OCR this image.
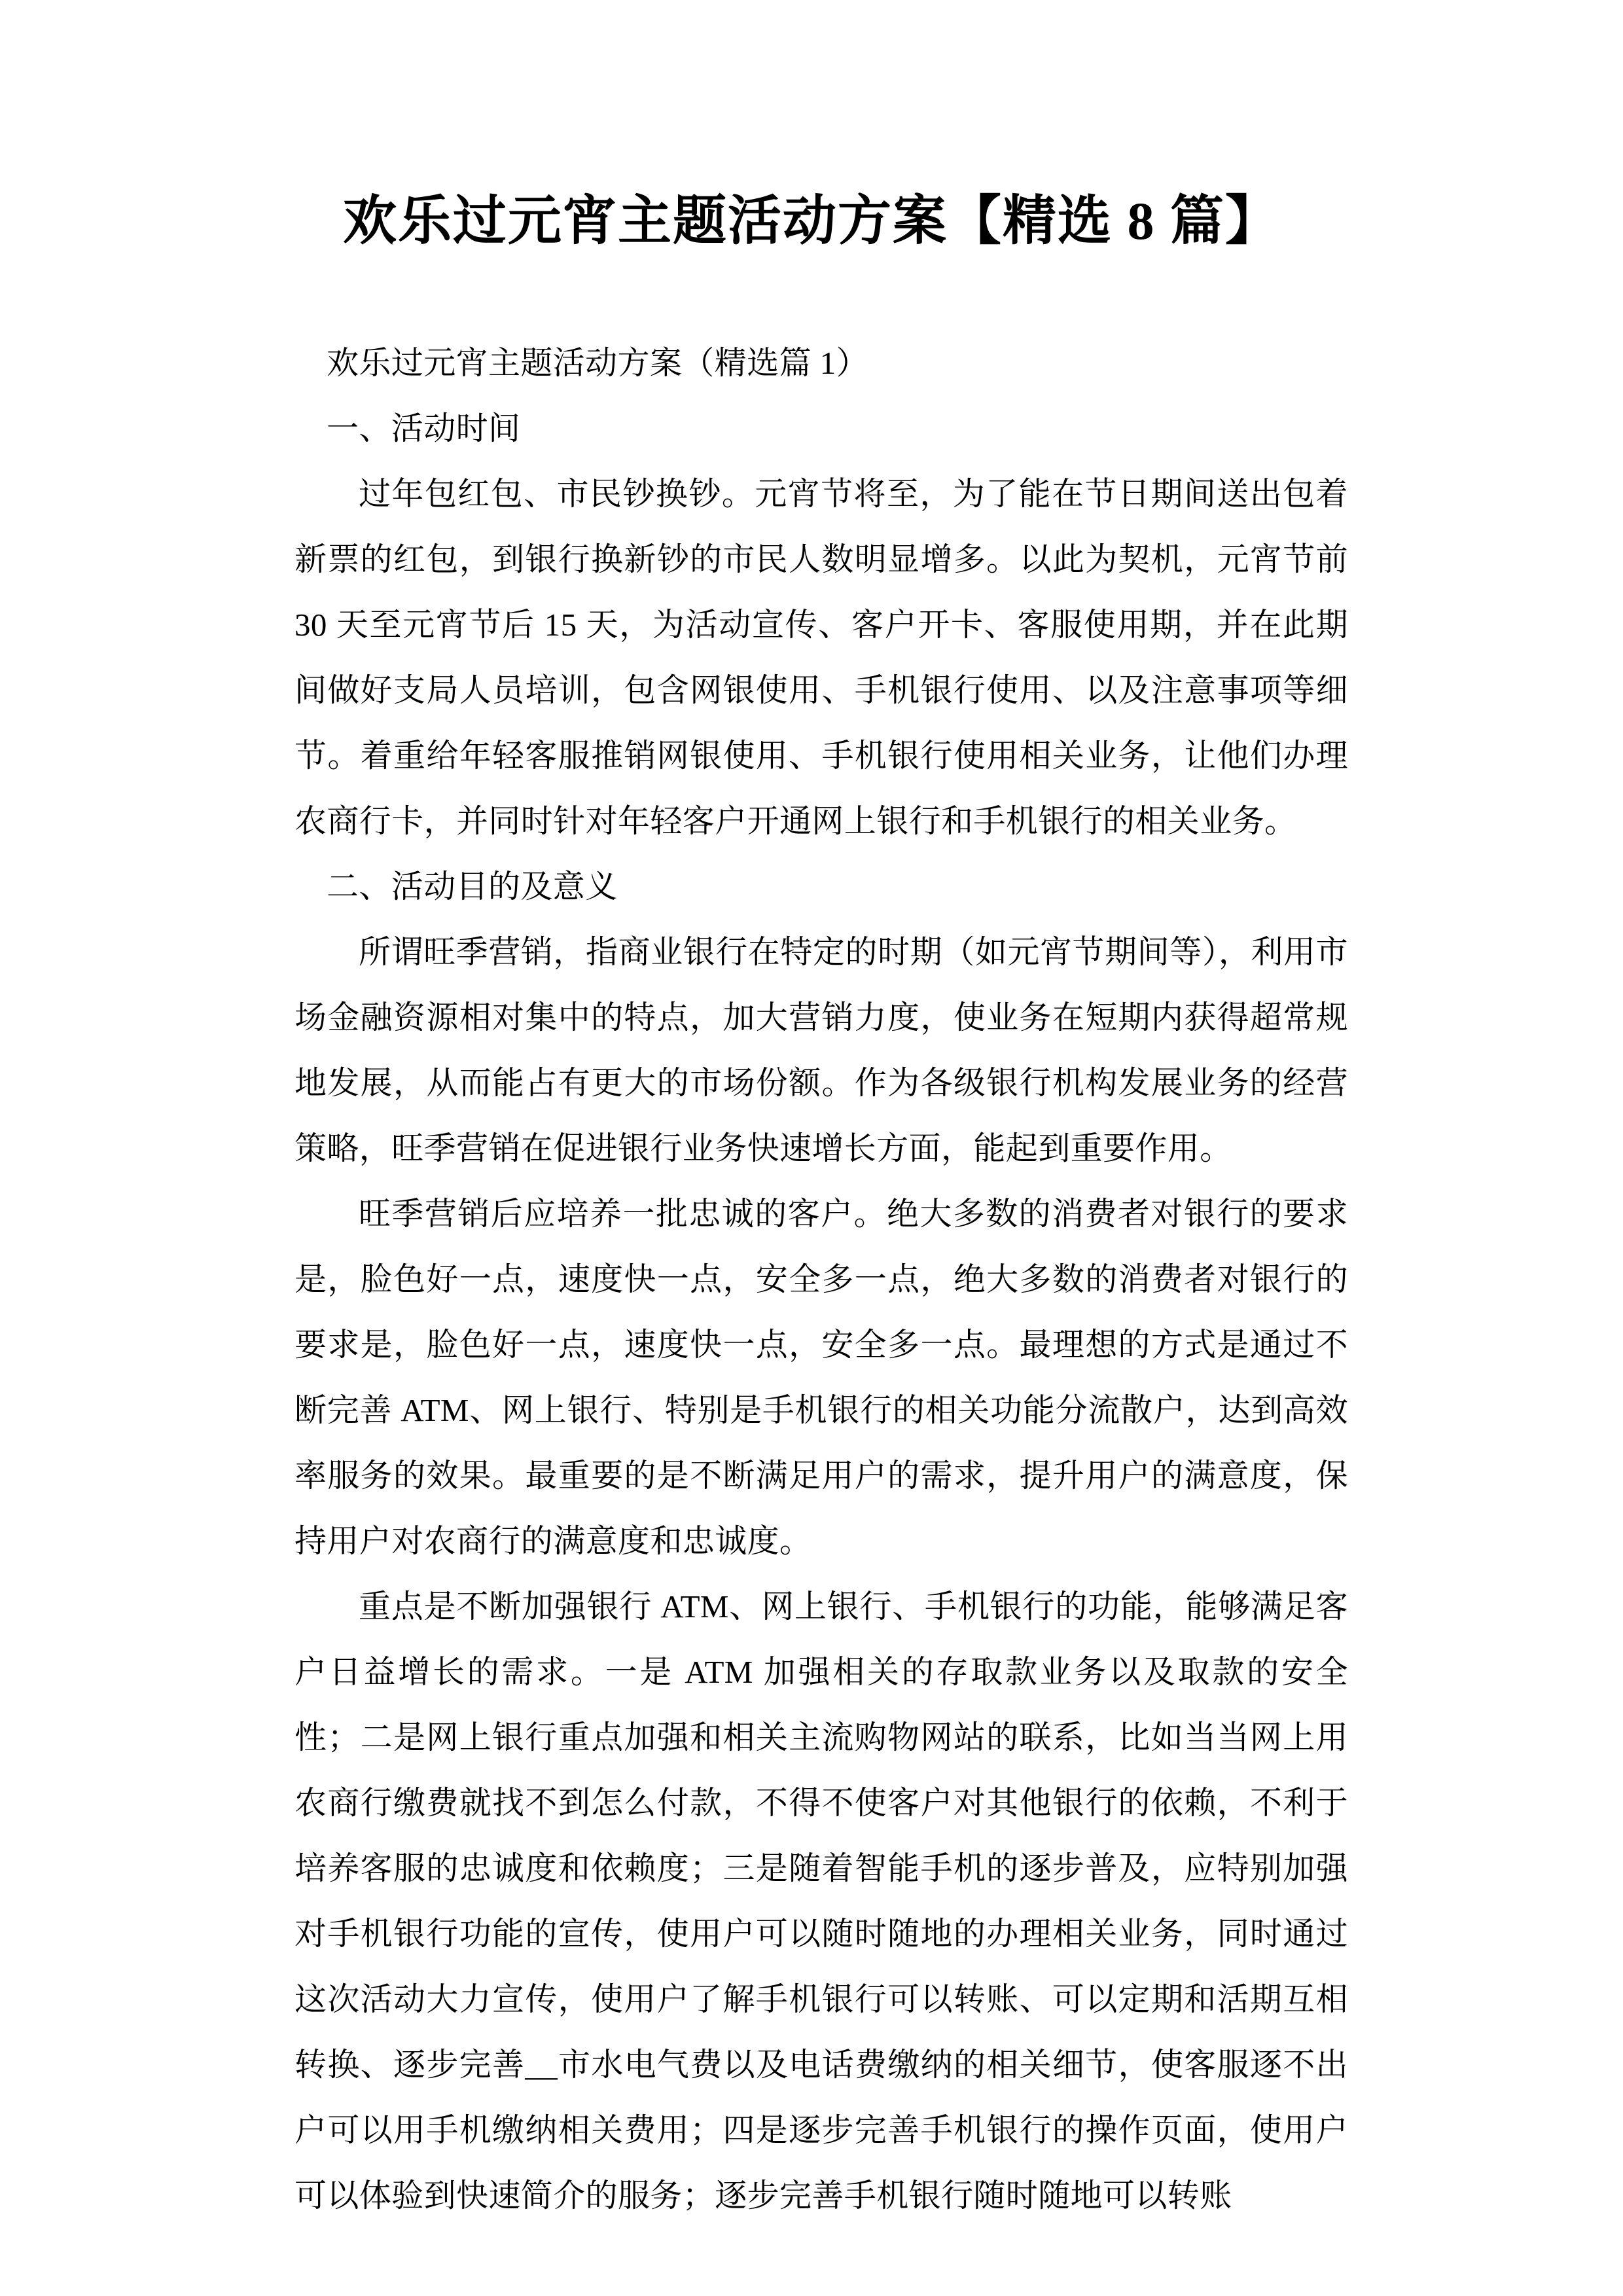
欢乐过元宵主题活动方案【精选 8 篇】

欢乐过元宵主题活动方案（精选篇 1）

一、活动时间

过年包红包、市民钞换钞。元宵节将至，为了能在节日期间送出包着新票的红包，到银行换新钞的市民人数明显增多。以此为契机，元宵节前 30 天至元宵节后 15 天，为活动宣传、客户开卡、客服使用期，并在此期间做好支局人员培训，包含网银使用、手机银行使用、以及注意事项等细节。着重给年轻客服推销网银使用、手机银行使用相关业务，让他们办理农商行卡，并同时针对年轻客户开通网上银行和手机银行的相关业务。

二、活动目的及意义

所谓旺季营销，指商业银行在特定的时期（如元宵节期间等），利用市场金融资源相对集中的特点，加大营销力度，使业务在短期内获得超常规地发展，从而能占有更大的市场份额。作为各级银行机构发展业务的经营策略，旺季营销在促进银行业务快速增长方面，能起到重要作用。

旺季营销后应培养一批忠诚的客户。绝大多数的消费者对银行的要求是，脸色好一点，速度快一点，安全多一点，绝大多数的消费者对银行的要求是，脸色好一点，速度快一点，安全多一点。最理想的方式是通过不断完善 ATM、网上银行、特别是手机银行的相关功能分流散户，达到高效率服务的效果。最重要的是不断满足用户的需求，提升用户的满意度，保持用户对农商行的满意度和忠诚度。

重点是不断加强银行 ATM、网上银行、手机银行的功能，能够满足客户日益增长的需求。一是 ATM 加强相关的存取款业务以及取款的安全性；二是网上银行重点加强和相关主流购物网站的联系，比如当当网上用农商行缴费就找不到怎么付款，不得不使客户对其他银行的依赖，不利于培养客服的忠诚度和依赖度；三是随着智能手机的逐步普及，应特别加强对手机银行功能的宣传，使用户可以随时随地的办理相关业务，同时通过这次活动大力宣传，使用户了解手机银行可以转账、可以定期和活期互相转换、逐步完善__市水电气费以及电话费缴纳的相关细节，使客服逐不出户可以用手机缴纳相关费用；四是逐步完善手机银行的操作页面，使用户可以体验到快速简介的服务；逐步完善手机银行随时随地可以转账
